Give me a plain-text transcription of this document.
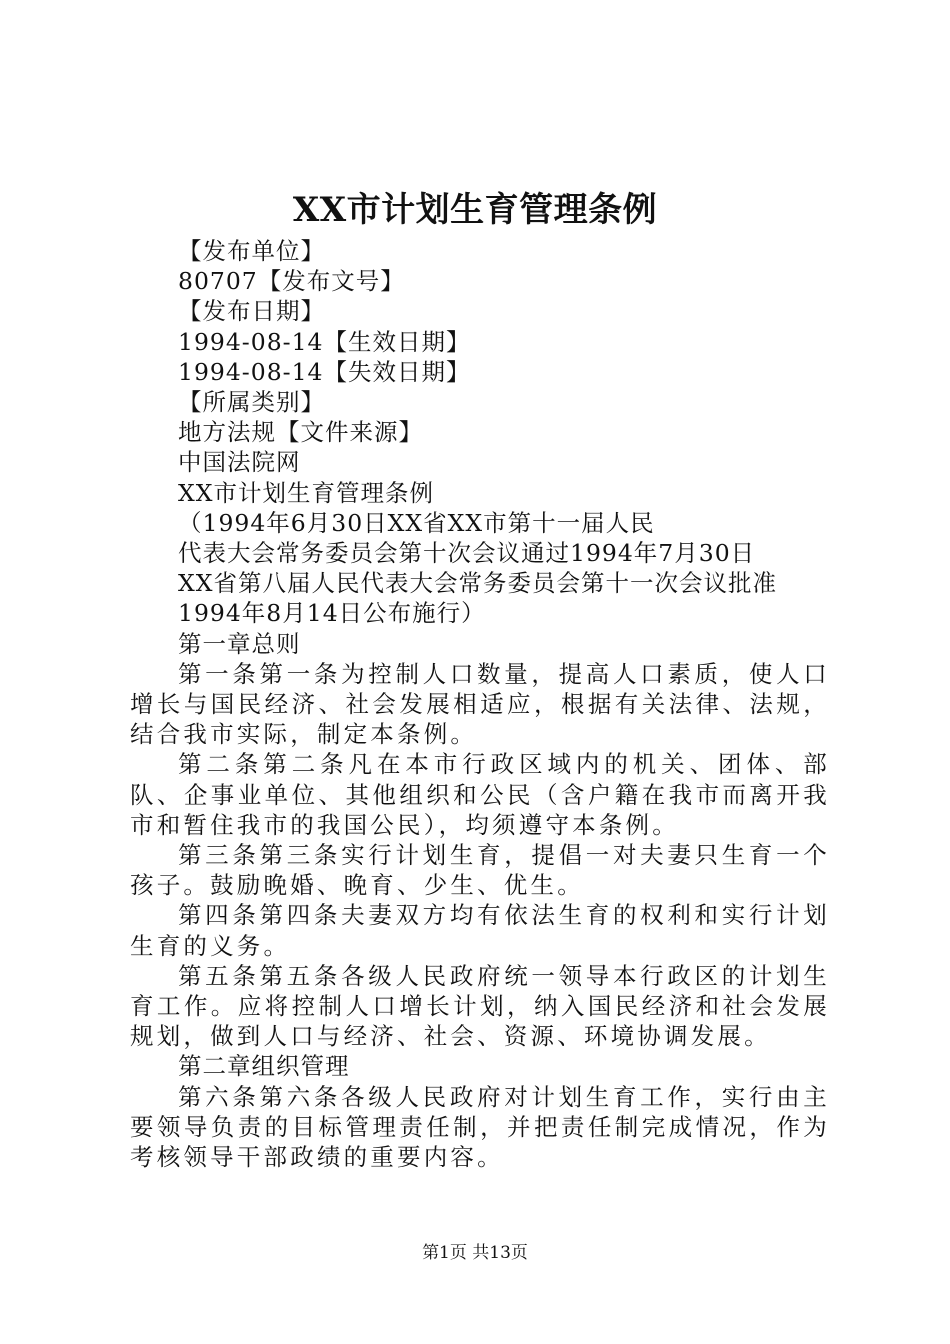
XX市计划生育管理条例
【发布单位】
80707【发布文号】
【发布日期】
1994-08-14【生效日期】
1994-08-14【失效日期】
【所属类别】
地方法规【文件来源】
中国法院网
XX市计划生育管理条例
（1994年6月30日XX省XX市第十一届人民
代表大会常务委员会第十次会议通过1994年7月30日
XX省第八届人民代表大会常务委员会第十一次会议批准
1994年8月14日公布施行）
第一章总则
第一条第一条为控制人口数量，提高人口素质，使人口增长与国民经济、社会发展相适应，根据有关法律、法规，结合我市实际，制定本条例。
第二条第二条凡在本市行政区域内的机关、团体、部队、企事业单位、其他组织和公民（含户籍在我市而离开我市和暂住我市的我国公民），均须遵守本条例。
第三条第三条实行计划生育，提倡一对夫妻只生育一个孩子。鼓励晚婚、晚育、少生、优生。
第四条第四条夫妻双方均有依法生育的权利和实行计划生育的义务。
第五条第五条各级人民政府统一领导本行政区的计划生育工作。应将控制人口增长计划，纳入国民经济和社会发展规划，做到人口与经济、社会、资源、环境协调发展。
第二章组织管理
第六条第六条各级人民政府对计划生育工作，实行由主要领导负责的目标管理责任制，并把责任制完成情况，作为考核领导干部政绩的重要内容。
第1页 共13页
